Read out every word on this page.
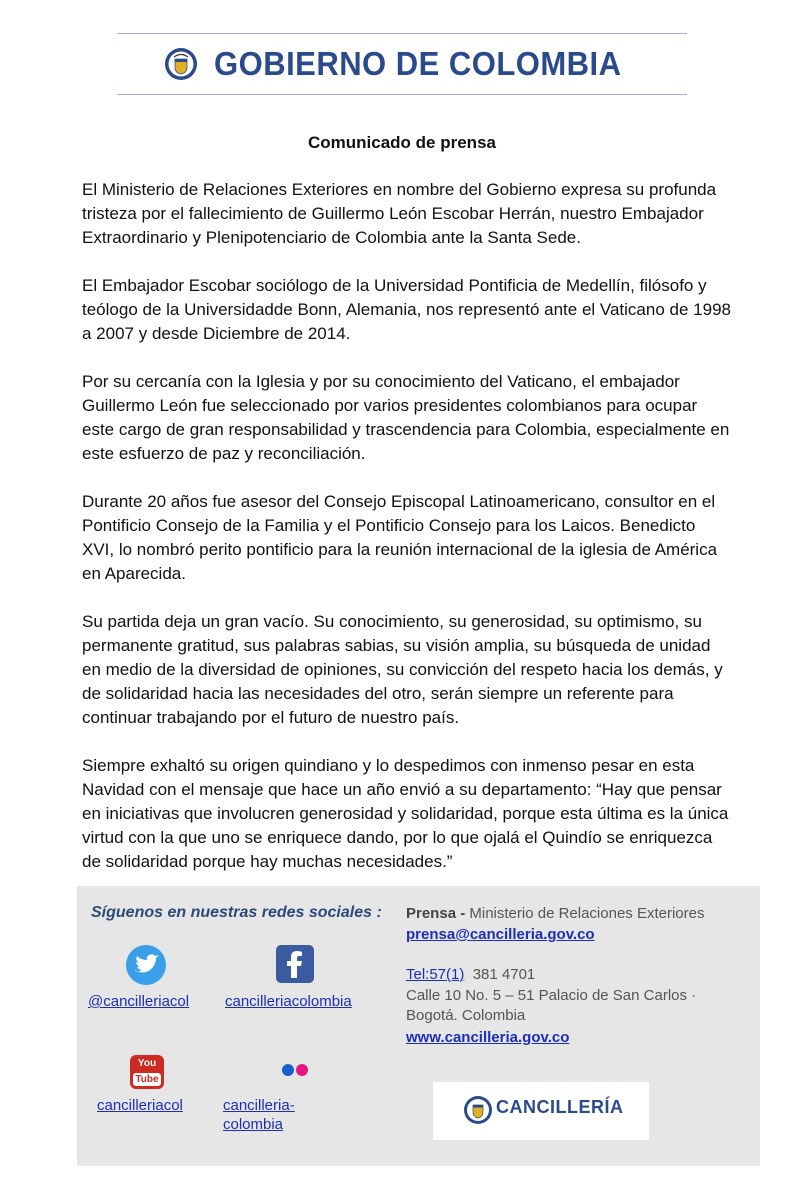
GOBIERNO DE COLOMBIA
Comunicado de prensa

El Ministerio de Relaciones Exteriores en nombre del Gobierno expresa su profunda tristeza por el fallecimiento de Guillermo León Escobar Herrán, nuestro Embajador Extraordinario y Plenipotenciario de Colombia ante la Santa Sede.

El Embajador Escobar sociólogo de la Universidad Pontificia de Medellín, filósofo y teólogo de la Universidadde Bonn, Alemania, nos representó ante el Vaticano de 1998 a 2007 y desde Diciembre de 2014.

Por su cercanía con la Iglesia y por su conocimiento del Vaticano, el embajador Guillermo León fue seleccionado por varios presidentes colombianos para ocupar este cargo de gran responsabilidad y trascendencia para Colombia, especialmente en este esfuerzo de paz y reconciliación.

Durante 20 años fue asesor del Consejo Episcopal Latinoamericano, consultor en el Pontificio Consejo de la Familia y el Pontificio Consejo para los Laicos. Benedicto XVI, lo nombró perito pontificio para la reunión internacional de la iglesia de América en Aparecida.

Su partida deja un gran vacío. Su conocimiento, su generosidad, su optimismo, su permanente gratitud, sus palabras sabias, su visión amplia, su búsqueda de unidad en medio de la diversidad de opiniones, su convicción del respeto hacia los demás, y de solidaridad hacia las necesidades del otro, serán siempre un referente para continuar trabajando por el futuro de nuestro país.

Siempre exhaltó su origen quindiano y lo despedimos con inmenso pesar en esta Navidad con el mensaje que hace un año envió a su departamento: “Hay que pensar en iniciativas que involucren generosidad y solidaridad, porque esta última es la única virtud con la que uno se enriquece dando, por lo que ojalá el Quindío se enriquezca de solidaridad porque hay muchas necesidades.”

Síguenos en nuestras redes sociales :
@cancilleriacol cancilleriacolombia
You
Tube
cancilleriacol	cancilleria-
colombia
Prensa - Ministerio de Relaciones Exteriores
prensa@cancilleria.gov.co
Tel:57(1) 381 4701
Calle 10 No. 5 – 51 Palacio de San Carlos ·
Bogotá. Colombia
www.cancilleria.gov.co
CANCILLERÍA
